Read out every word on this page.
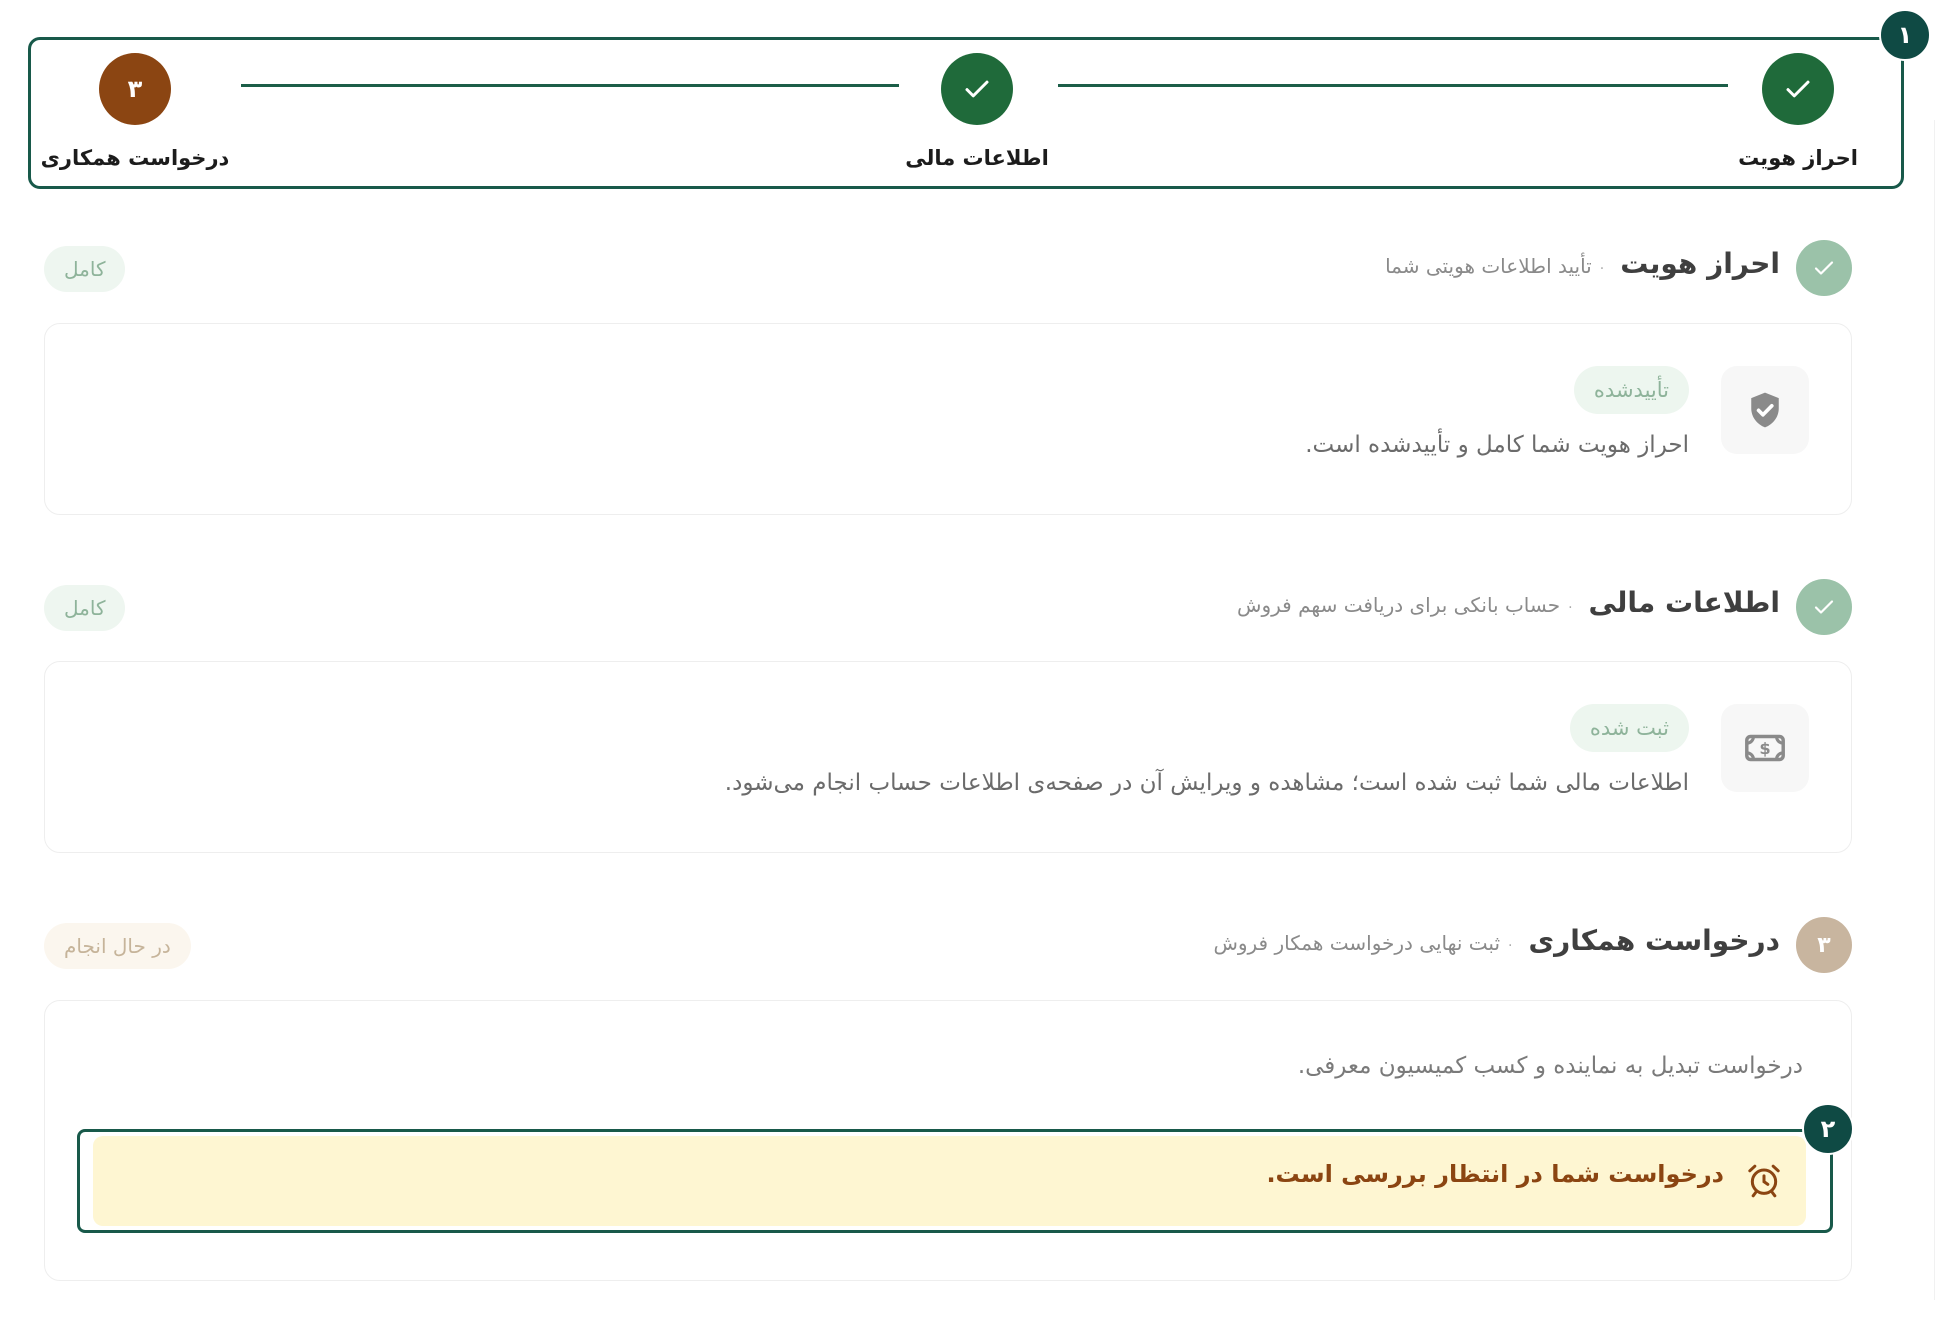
احراز هویت
اطلاعات مالی
۳
درخواست همکاری
۱
احراز هویت·تأیید اطلاعات هویتی شما
کامل
تأییدشده
احراز هویت شما کامل و تأییدشده است.
اطلاعات مالی·حساب بانکی برای دریافت سهم فروش
کامل
$
ثبت شده
اطلاعات مالی شما ثبت شده است؛ مشاهده و ویرایش آن در صفحه‌ی اطلاعات حساب انجام می‌شود.
۳
درخواست همکاری·ثبت نهایی درخواست همکار فروش
در حال انجام
درخواست تبدیل به نماینده و کسب کمیسیون معرفی.
درخواست شما در انتظار بررسی است.
۲
